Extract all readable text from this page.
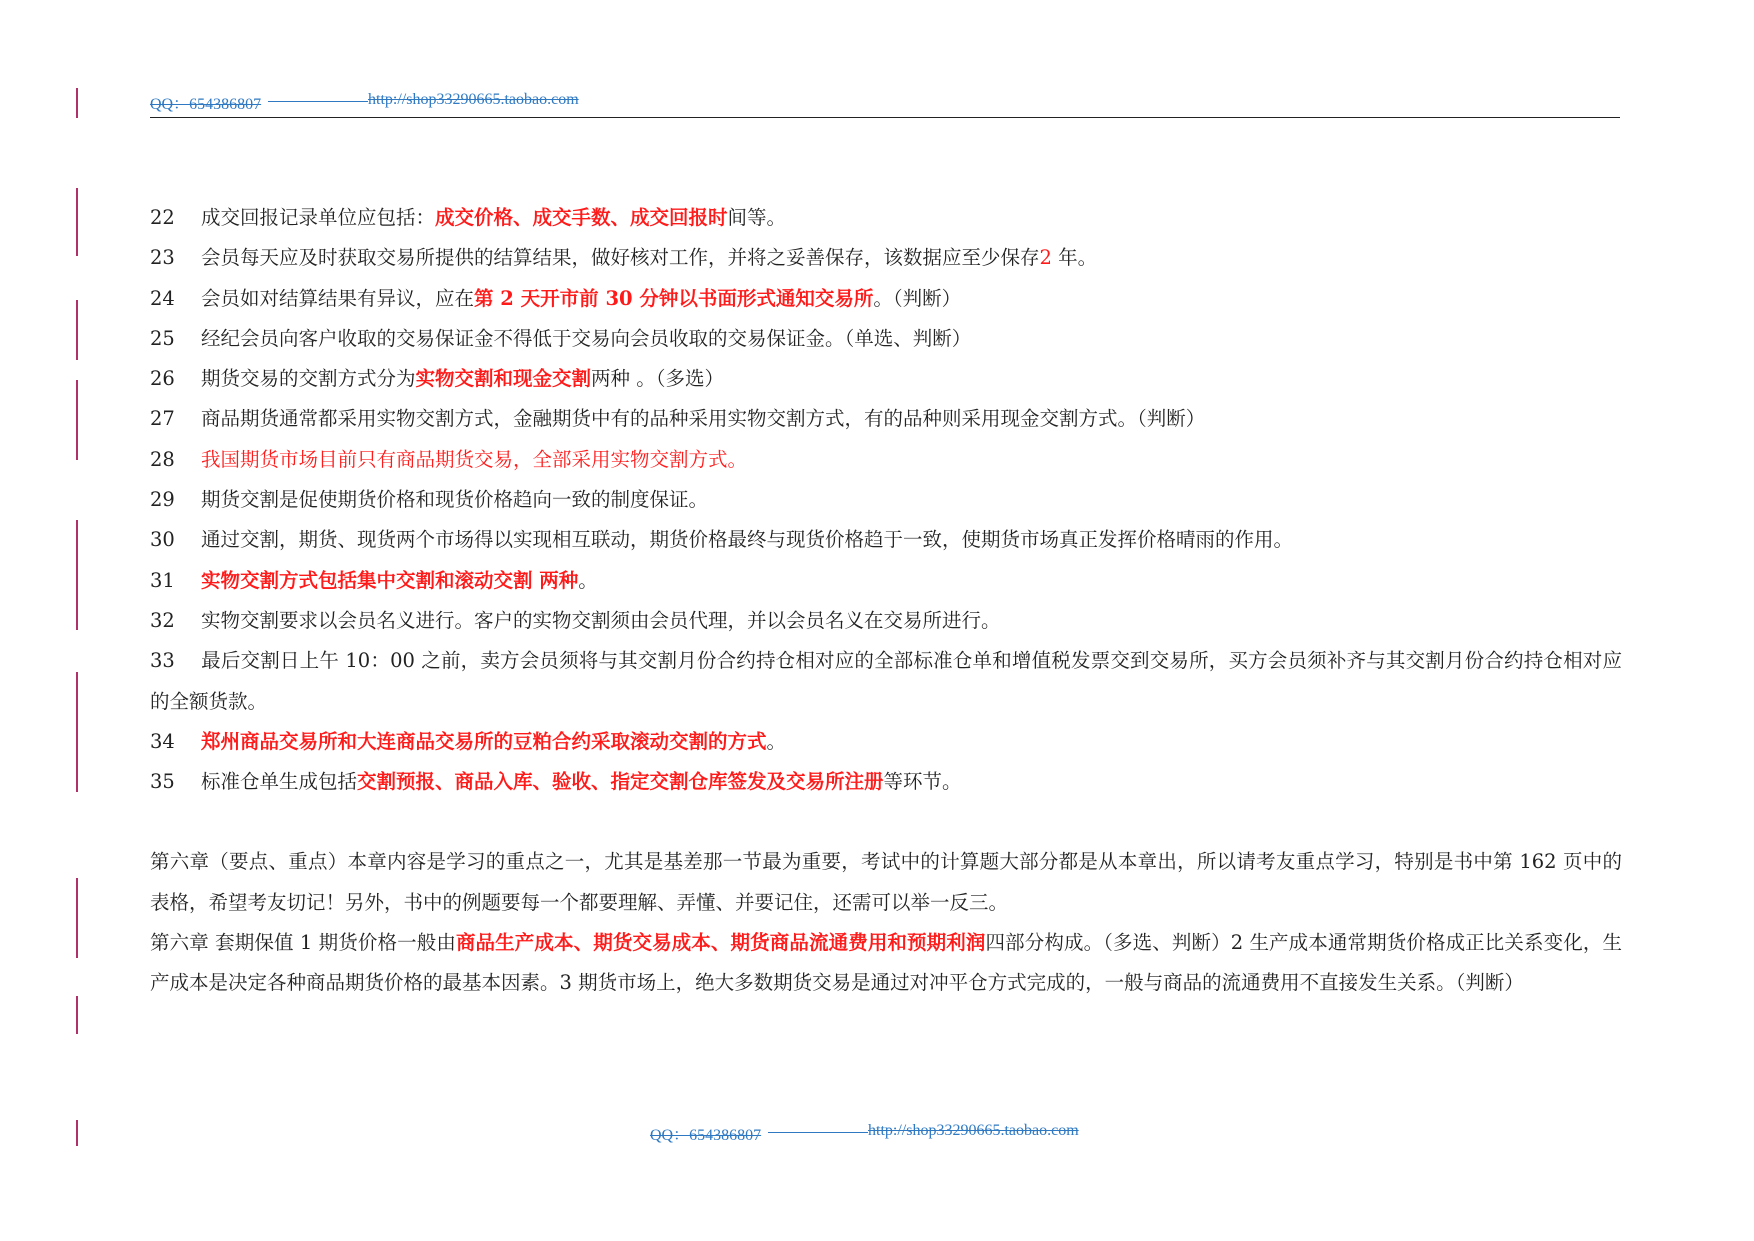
QQ：654386807	http://shop33290665.taobao.com
22 成交回报记录单位应包括：成交价格、成交手数、成交回报时间等。
23 会员每天应及时获取交易所提供的结算结果，做好核对工作，并将之妥善保存，该数据应至少保存2 年。
24 会员如对结算结果有异议，应在第 2 天开市前 30 分钟以书面形式通知交易所。（判断）
25 经纪会员向客户收取的交易保证金不得低于交易向会员收取的交易保证金。（单选、判断）
26 期货交易的交割方式分为实物交割和现金交割两种 。（多选）
27 商品期货通常都采用实物交割方式，金融期货中有的品种采用实物交割方式，有的品种则采用现金交割方式。（判断）
28 我国期货市场目前只有商品期货交易，全部采用实物交割方式。
29 期货交割是促使期货价格和现货价格趋向一致的制度保证。
30 通过交割，期货、现货两个市场得以实现相互联动，期货价格最终与现货价格趋于一致，使期货市场真正发挥价格晴雨的作用。
31 实物交割方式包括集中交割和滚动交割 两种。
32 实物交割要求以会员名义进行。客户的实物交割须由会员代理，并以会员名义在交易所进行。
33 最后交割日上午 10：00 之前，卖方会员须将与其交割月份合约持仓相对应的全部标准仓单和增值税发票交到交易所，买方会员须补齐与其交割月份合约持仓相对应的全额货款。
34 郑州商品交易所和大连商品交易所的豆粕合约采取滚动交割的方式。
35 标准仓单生成包括交割预报、商品入库、验收、指定交割仓库签发及交易所注册等环节。
第六章（要点、重点）本章内容是学习的重点之一，尤其是基差那一节最为重要，考试中的计算题大部分都是从本章出，所以请考友重点学习，特别是书中第 162 页中的表格，希望考友切记！另外，书中的例题要每一个都要理解、弄懂、并要记住，还需可以举一反三。
第六章 套期保值 1 期货价格一般由商品生产成本、期货交易成本、期货商品流通费用和预期利润四部分构成。（多选、判断）2 生产成本通常期货价格成正比关系变化，生产成本是决定各种商品期货价格的最基本因素。3 期货市场上，绝大多数期货交易是通过对冲平仓方式完成的，一般与商品的流通费用不直接发生关系。（判断）
QQ：654386807	http://shop33290665.taobao.com
